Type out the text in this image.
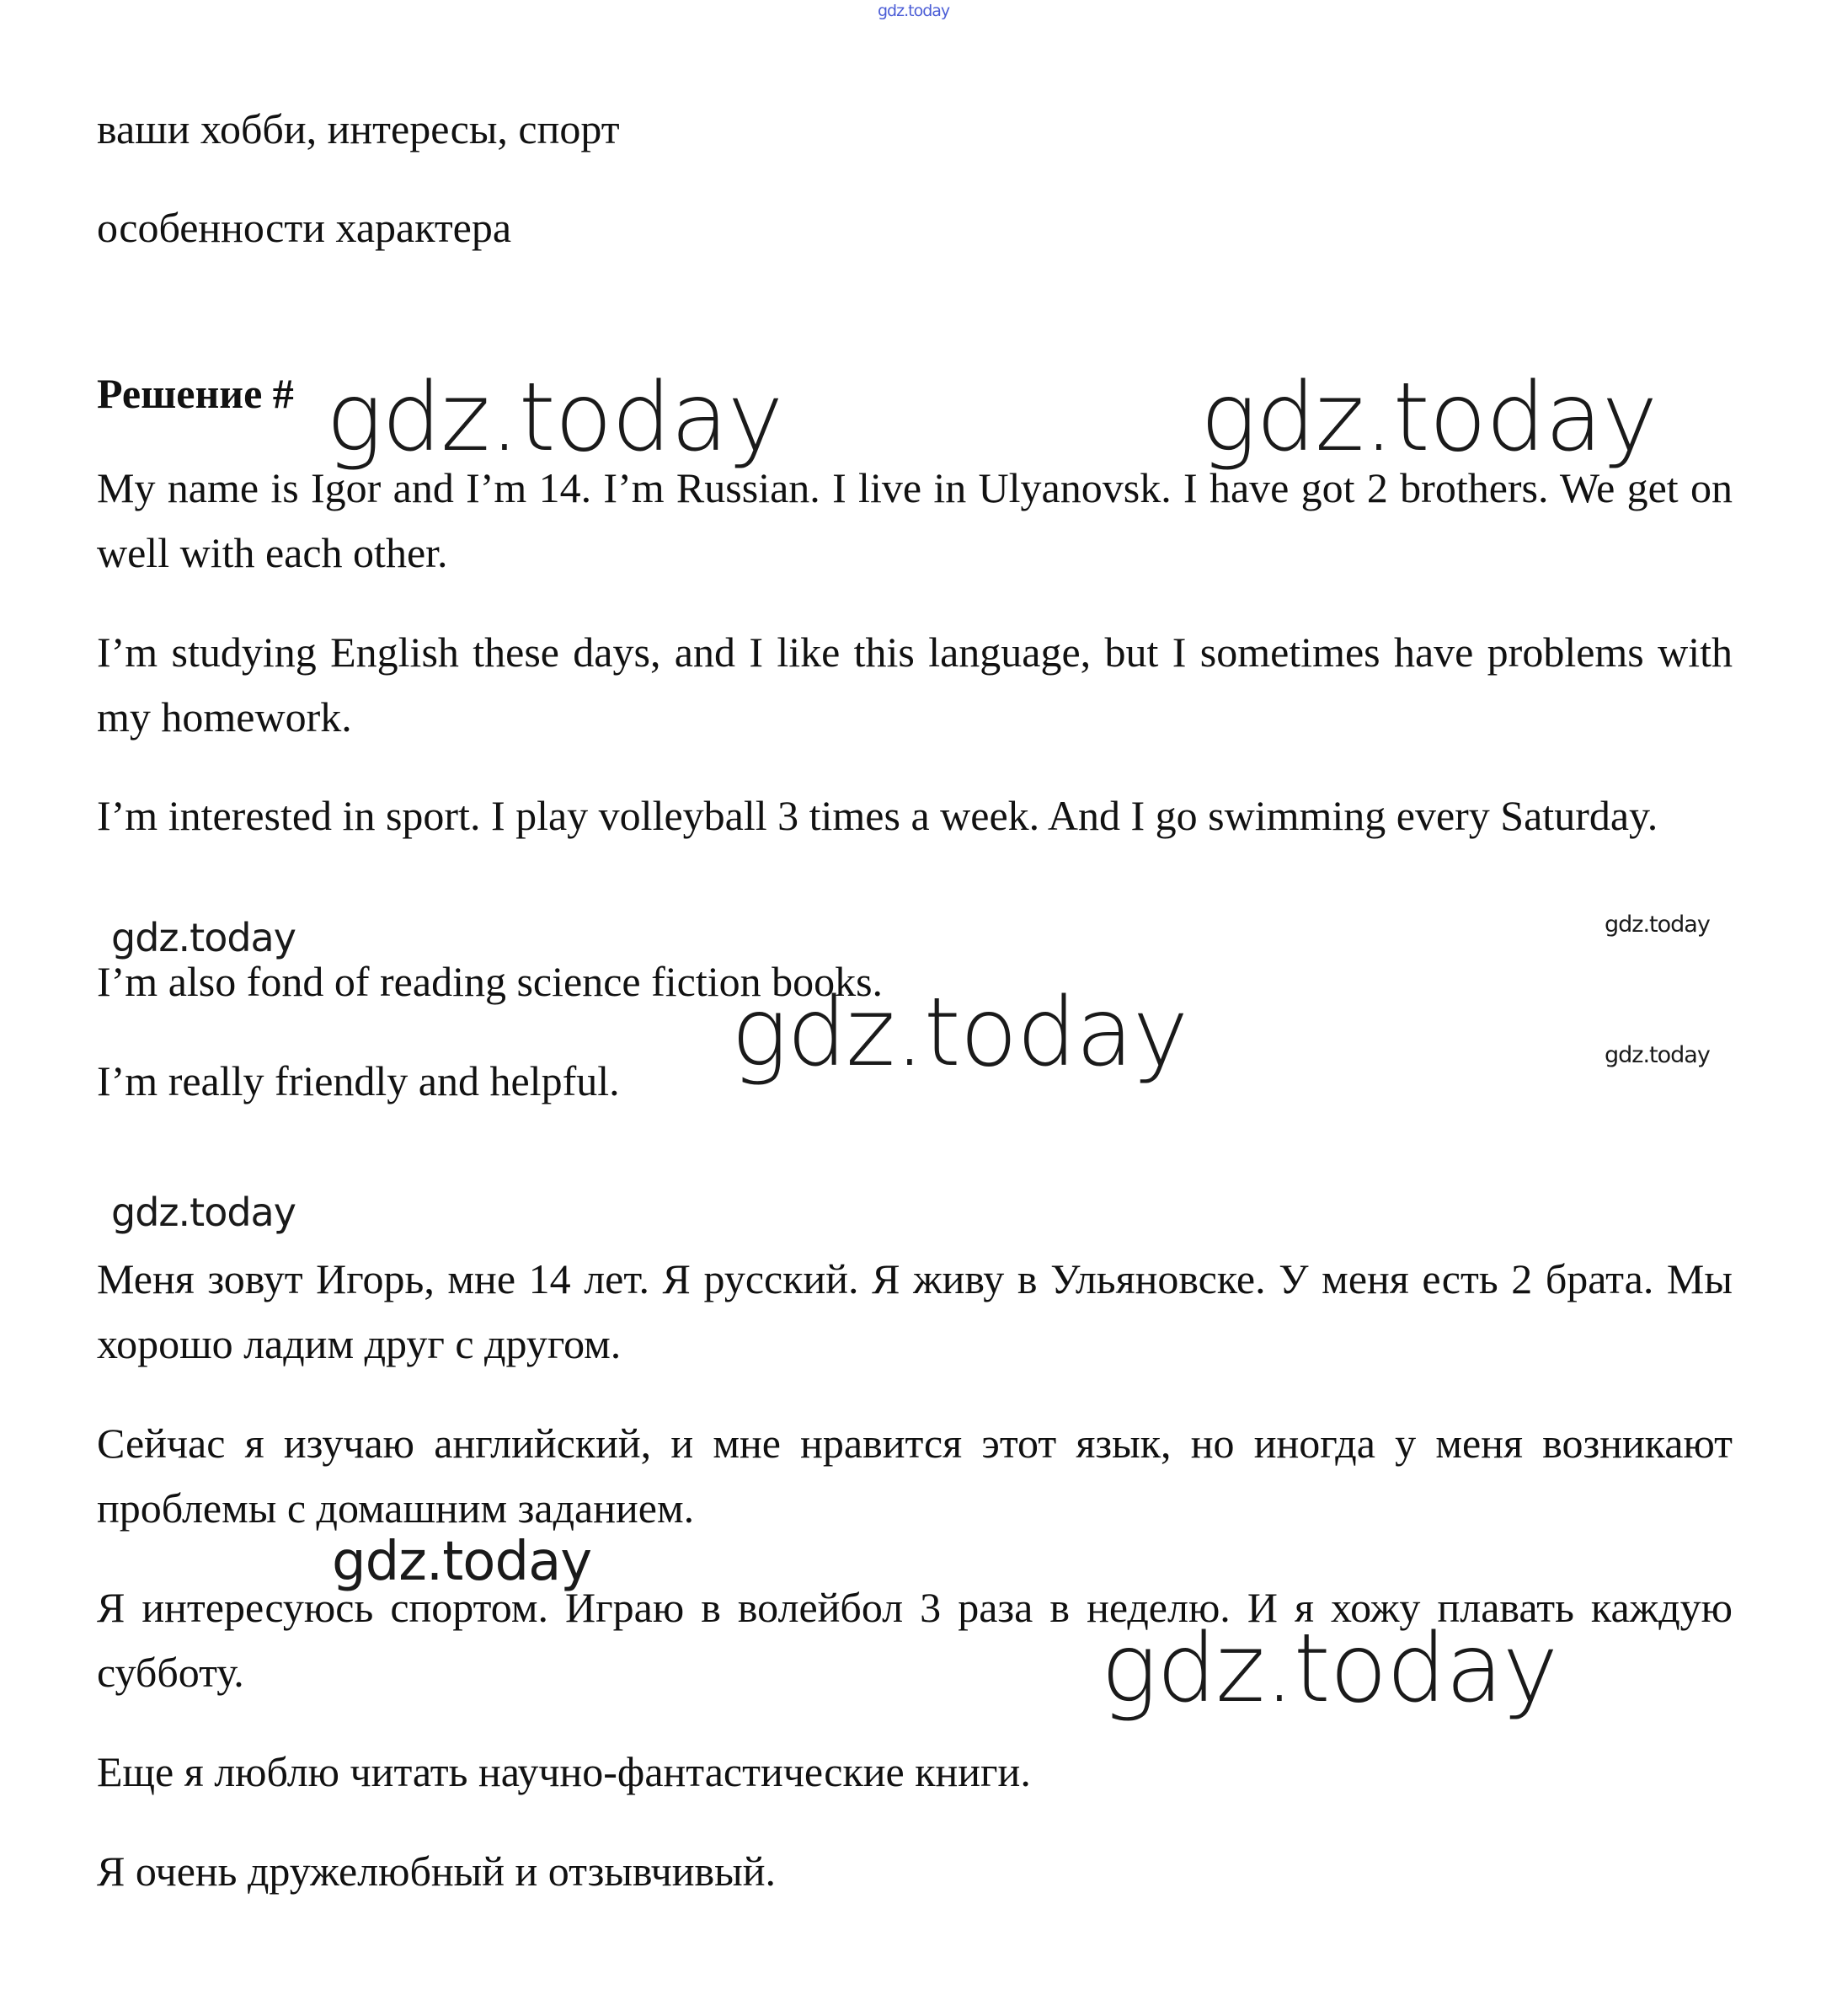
gdz.today
ваши хобби, интересы, спорт
особенности характера
Решение #
My name is Igor and I’m 14. I’m Russian. I live in Ulyanovsk. I have got 2 brothers. We get on well with each other.
I’m studying English these days, and I like this language, but I sometimes have problems with my homework.
I’m interested in sport. I play volleyball 3 times a week. And I go swimming every Saturday.
I’m also fond of reading science fiction books.
I’m really friendly and helpful.
Меня зовут Игорь, мне 14 лет. Я русский. Я живу в Ульяновске. У меня есть 2 брата. Мы хорошо ладим друг с другом.
Сейчас я изучаю английский, и мне нравится этот язык, но иногда у меня возникают проблемы с домашним заданием.
Я интересуюсь спортом. Играю в волейбол 3 раза в неделю. И я хожу плавать каждую субботу.
Еще я люблю читать научно-фантастические книги.
Я очень дружелюбный и отзывчивый.
gdz.today	gdz.today
gdz.today	gdz.today
gdz.today	gdz.today
gdz.today
gdz.today
gdz.today
